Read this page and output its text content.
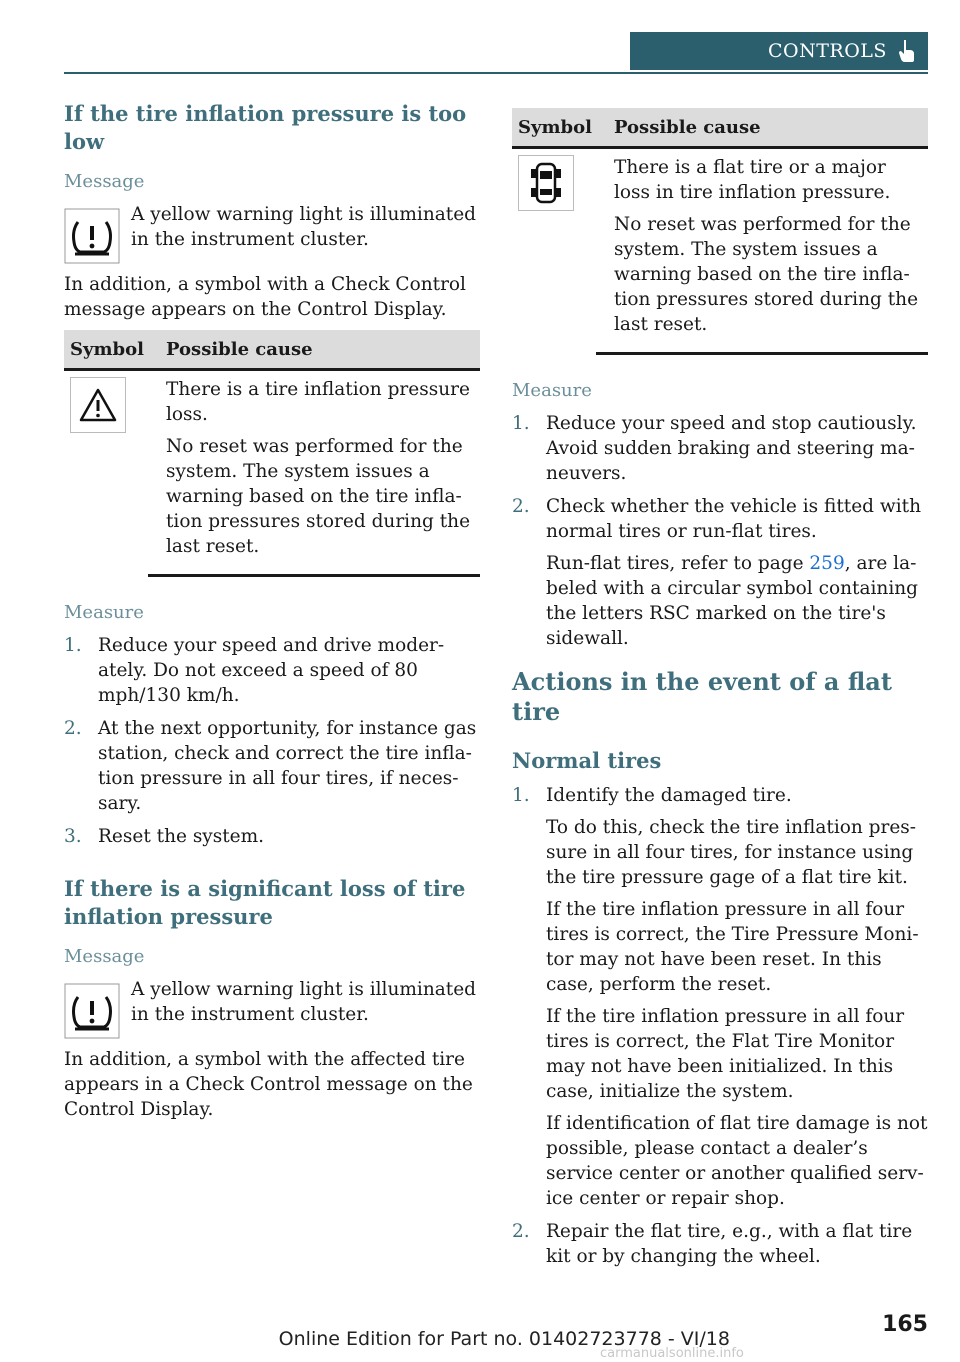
CONTROLS
If the tire inflation pressure is too low
Message
A yellow warning light is illuminated in the instrument cluster.

In addition, a symbol with a Check Control message appears on the Control Display.

Symbol	Possible cause

There is a tire inflation pressure loss.

No reset was performed for the system. The system issues a warning based on the tire infla-tion pressures stored during the last reset.

Measure
1. Reduce your speed and drive moder-ately. Do not exceed a speed of 80 mph/130 km/h.
2. At the next opportunity, for instance gas station, check and correct the tire infla-tion pressure in all four tires, if neces-sary.
3. Reset the system.
If there is a significant loss of tire inflation pressure
Message
A yellow warning light is illuminated in the instrument cluster.

In addition, a symbol with the affected tire appears in a Check Control message on the Control Display.

Symbol	Possible cause

There is a flat tire or a major loss in tire inflation pressure.

No reset was performed for the system. The system issues a warning based on the tire infla-tion pressures stored during the last reset.

Measure
1. Reduce your speed and stop cautiously. Avoid sudden braking and steering ma-neuvers.
2. Check whether the vehicle is fitted with normal tires or run-flat tires.

Run-flat tires, refer to page 259, are la-beled with a circular symbol containing the letters RSC marked on the tire's sidewall.

Actions in the event of a flat tire
Normal tires
1. Identify the damaged tire.

To do this, check the tire inflation pres-sure in all four tires, for instance using the tire pressure gage of a flat tire kit.

If the tire inflation pressure in all four tires is correct, the Tire Pressure Moni-tor may not have been reset. In this case, perform the reset.

If the tire inflation pressure in all four tires is correct, the Flat Tire Monitor may not have been initialized. In this case, initialize the system.

If identification of flat tire damage is not possible, please contact a dealer’s service center or another qualified serv-ice center or repair shop.

2. Repair the flat tire, e.g., with a flat tire kit or by changing the wheel.
165
Online Edition for Part no. 01402723778 - VI/18
carmanualsonline.info
